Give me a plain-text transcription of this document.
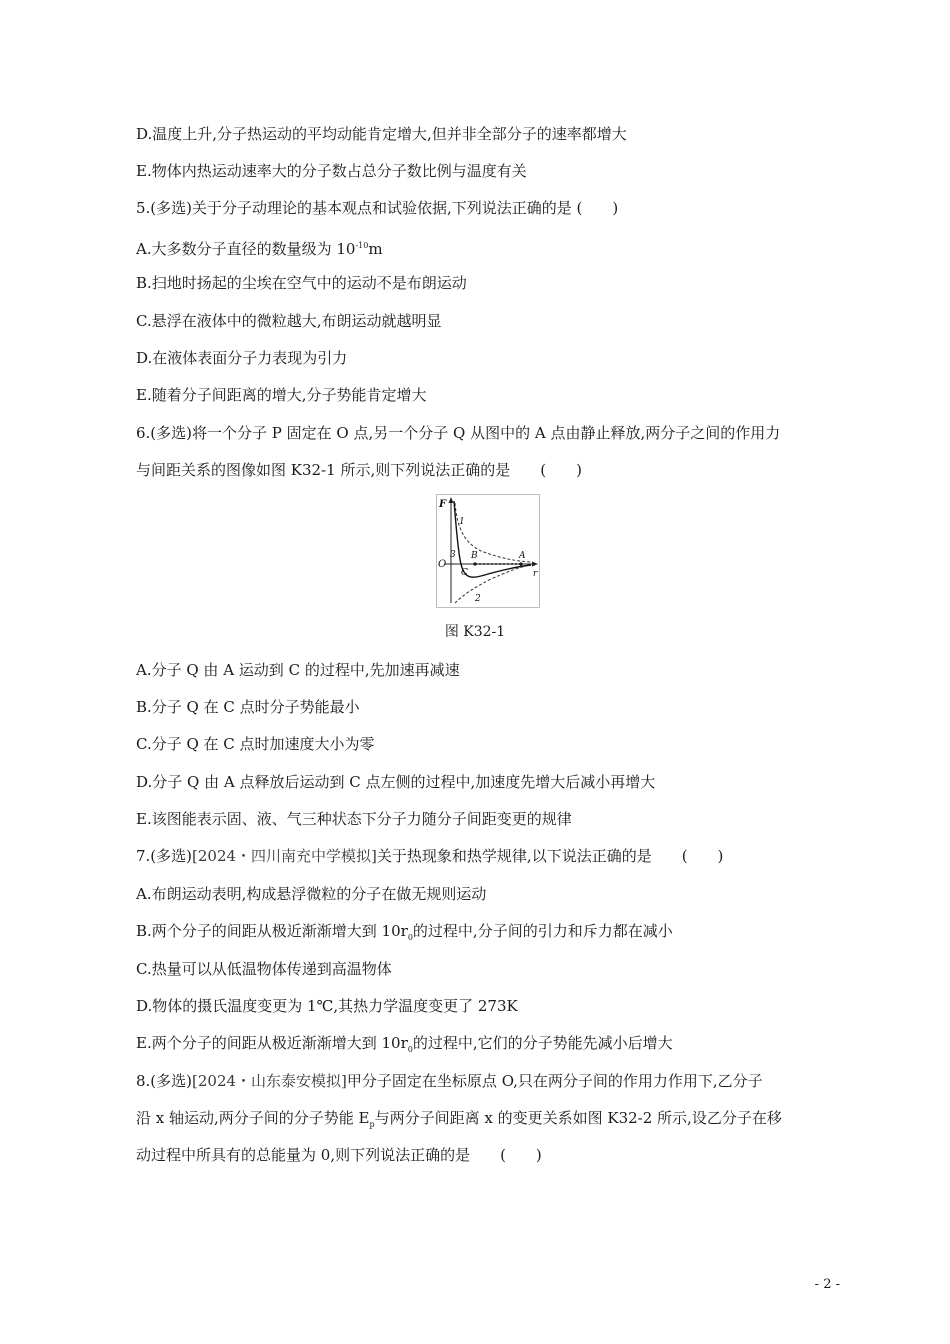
D.温度上升,分子热运动的平均动能肯定增大,但并非全部分子的速率都增大
E.物体内热运动速率大的分子数占总分子数比例与温度有关
5.(多选)关于分子动理论的基本观点和试验依据,下列说法正确的是 (　　)
A.大多数分子直径的数量级为 $10^{-10}m$
B.扫地时扬起的尘埃在空气中的运动不是布朗运动
C.悬浮在液体中的微粒越大,布朗运动就越明显
D.在液体表面分子力表现为引力
E.随着分子间距离的增大,分子势能肯定增大
6.(多选)将一个分子 P 固定在 O 点,另一个分子 Q 从图中的 A 点由静止释放,两分子之间的作用力
与间距关系的图像如图 K32-1 所示,则下列说法正确的是　　(　　)
F
O
r
1
2
3	A
B
C
图 K32-1
A.分子 Q 由 A 运动到 C 的过程中,先加速再减速
B.分子 Q 在 C 点时分子势能最小
C.分子 Q 在 C 点时加速度大小为零
D.分子 Q 由 A 点释放后运动到 C 点左侧的过程中,加速度先增大后减小再增大
E.该图能表示固、液、气三种状态下分子力随分子间距变更的规律
7.(多选)[2024・四川南充中学模拟]关于热现象和热学规律,以下说法正确的是　　(　　)
A.布朗运动表明,构成悬浮微粒的分子在做无规则运动
B.两个分子的间距从极近渐渐增大到 $10r_0$的过程中,分子间的引力和斥力都在减小
C.热量可以从低温物体传递到高温物体
D.物体的摄氏温度变更为 1℃,其热力学温度变更了 273K
E.两个分子的间距从极近渐渐增大到 $10r_0$的过程中,它们的分子势能先减小后增大
8.(多选)[2024・山东泰安模拟]甲分子固定在坐标原点 O,只在两分子间的作用力作用下,乙分子
沿 x 轴运动,两分子间的分子势能 $E_p$与两分子间距离 x 的变更关系如图 K32-2 所示,设乙分子在移
动过程中所具有的总能量为 0,则下列说法正确的是　　(　　)
- 2 -
